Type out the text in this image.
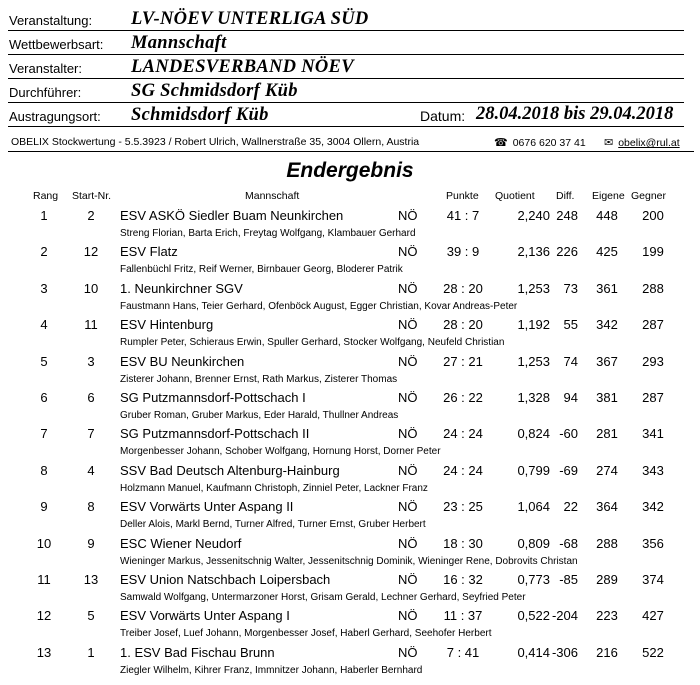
Veranstaltung: LV-NÖEV UNTERLIGA SÜD
Wettbewerbsart: Mannschaft
Veranstalter:	LANDESVERBAND NÖEV
Durchführer:	SG Schmidsdorf Küb
Austragungsort: Schmidsdorf Küb	Datum: 28.04.2018 bis 29.04.2018
OBELIX Stockwertung - 5.5.3923 / Robert Ulrich, Wallnerstraße 35, 3004 Ollern, Austria	☎ 0676 620 37 41 ✉ obelix@rul.at
Endergebnis
Rang Start-Nr.	Mannschaft	Punkte Quotient Diff. Eigene Gegner
1	2	ESV ASKÖ Siedler Buam Neunkirchen	NÖ	41 : 7	2,240 248	448	200
Streng Florian, Barta Erich, Freytag Wolfgang, Klambauer Gerhard
2	12 ESV Flatz	NÖ	39 : 9	2,136 226	425	199
Fallenbüchl Fritz, Reif Werner, Birnbauer Georg, Bloderer Patrik
3	10 1. Neunkirchner SGV	NÖ	28 : 20	1,253	73	361	288
Faustmann Hans, Teier Gerhard, Ofenböck August, Egger Christian, Kovar Andreas-Peter
4	11	ESV Hintenburg	NÖ	28 : 20	1,192	55	342	287
Rumpler Peter, Schieraus Erwin, Spuller Gerhard, Stocker Wolfgang, Neufeld Christian
5	3	ESV BU Neunkirchen	NÖ	27 : 21	1,253	74	367	293
Zisterer Johann, Brenner Ernst, Rath Markus, Zisterer Thomas
6	6	SG Putzmannsdorf-Pottschach I	NÖ	26 : 22	1,328	94	381	287
Gruber Roman, Gruber Markus, Eder Harald, Thullner Andreas
7	7	SG Putzmannsdorf-Pottschach II	NÖ	24 : 24	0,824 -60	281	341
Morgenbesser Johann, Schober Wolfgang, Hornung Horst, Dorner Peter
8	4	SSV Bad Deutsch Altenburg-Hainburg	NÖ	24 : 24	0,799 -69	274	343
Holzmann Manuel, Kaufmann Christoph, Zinniel Peter, Lackner Franz
9	8	ESV Vorwärts Unter Aspang II	NÖ	23 : 25	1,064	22	364	342
Deller Alois, Markl Bernd, Turner Alfred, Turner Ernst, Gruber Herbert
10	9	ESC Wiener Neudorf	NÖ	18 : 30	0,809 -68	288	356
Wieninger Markus, Jessenitschnig Walter, Jessenitschnig Dominik, Wieninger Rene, Dobrovits Christan
11	13 ESV Union Natschbach Loipersbach	NÖ	16 : 32	0,773 -85	289	374
Samwald Wolfgang, Untermarzoner Horst, Grisam Gerald, Lechner Gerhard, Seyfried Peter
12	5	ESV Vorwärts Unter Aspang I	NÖ	11 : 37	0,522 -204	223	427
Treiber Josef, Luef Johann, Morgenbesser Josef, Haberl Gerhard, Seehofer Herbert
13	1	1. ESV Bad Fischau Brunn	NÖ	7 : 41	0,414 -306	216	522
Ziegler Wilhelm, Kihrer Franz, Immnitzer Johann, Haberler Bernhard
